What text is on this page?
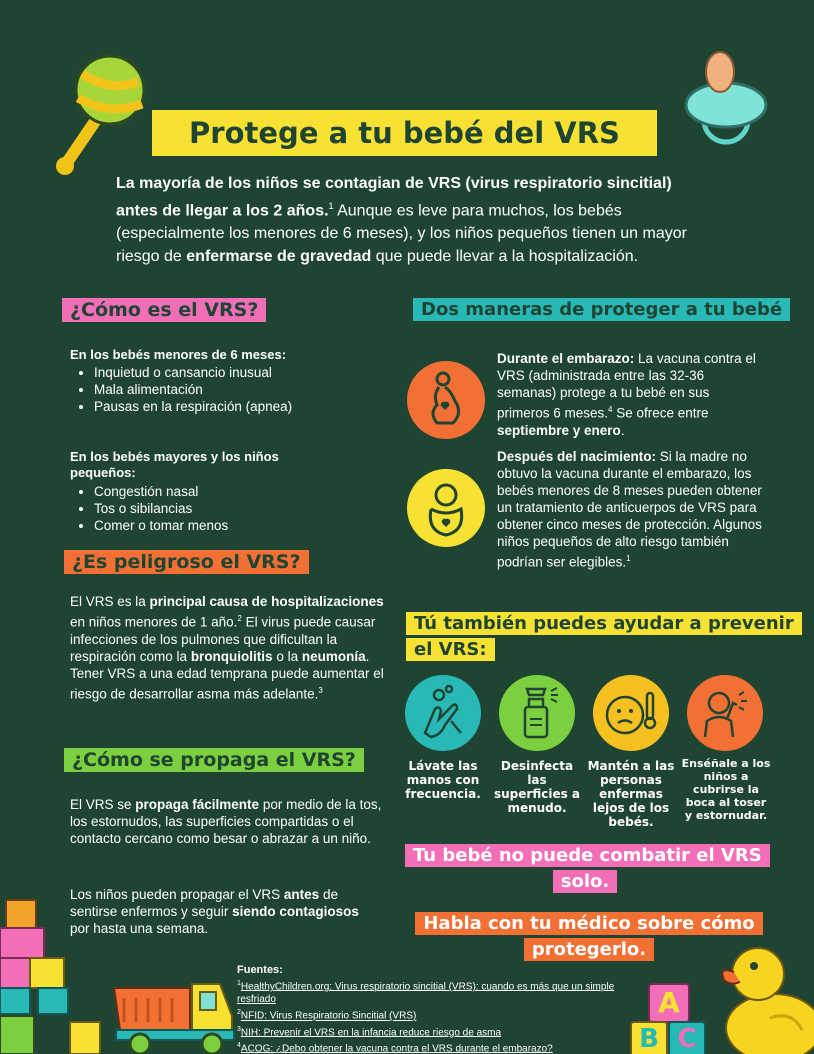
Protege a tu bebé del VRS
La mayoría de los niños se contagian de VRS (virus respiratorio sincitial) antes de llegar a los 2 años.$^1$ Aunque es leve para muchos, los bebés (especialmente los menores de 6 meses), y los niños pequeños tienen un mayor riesgo de enfermarse de gravedad que puede llevar a la hospitalización.
¿Cómo es el VRS?
En los bebés menores de 6 meses:
• Inquietud o cansancio inusual
• Mala alimentación
• Pausas en la respiración (apnea)
En los bebés mayores y los niños pequeños:
• Congestión nasal
• Tos o sibilancias
• Comer o tomar menos
¿Es peligroso el VRS?
El VRS es la principal causa de hospitalizaciones en niños menores de 1 año.$^2$ El virus puede causar infecciones de los pulmones que dificultan la respiración como la bronquiolitis o la neumonía. Tener VRS a una edad temprana puede aumentar el riesgo de desarrollar asma más adelante.$^3$
¿Cómo se propaga el VRS?
El VRS se propaga fácilmente por medio de la tos, los estornudos, las superficies compartidas o el contacto cercano como besar o abrazar a un niño.
Los niños pueden propagar el VRS antes de sentirse enfermos y seguir siendo contagiosos por hasta una semana.
Dos maneras de proteger a tu bebé
Durante el embarazo: La vacuna contra el VRS (administrada entre las 32-36 semanas) protege a tu bebé en sus primeros 6 meses.$^4$ Se ofrece entre septiembre y enero.
Después del nacimiento: Si la madre no obtuvo la vacuna durante el embarazo, los bebés menores de 8 meses pueden obtener un tratamiento de anticuerpos de VRS para obtener cinco meses de protección. Algunos niños pequeños de alto riesgo también podrían ser elegibles.$^1$
Tú también puedes ayudar a prevenir el VRS:
Lávate las manos con frecuencia.
Desinfecta las superficies a menudo.
Mantén a las personas enfermas lejos de los bebés.
Enséñale a los niños a cubrirse la boca al toser y estornudar.
Tu bebé no puede combatir el VRS solo.
Habla con tu médico sobre cómo protegerlo.
Fuentes:
$^1$HealthyChildren.org: Virus respiratorio sincitial (VRS): cuando es más que un simple resfriado
$^2$NFID: Virus Respiratorio Sincitial (VRS)
$^3$NIH: Prevenir el VRS en la infancia reduce riesgo de asma
$^4$ACOG: ¿Debo obtener la vacuna contra el VRS durante el embarazo?
A
B C
